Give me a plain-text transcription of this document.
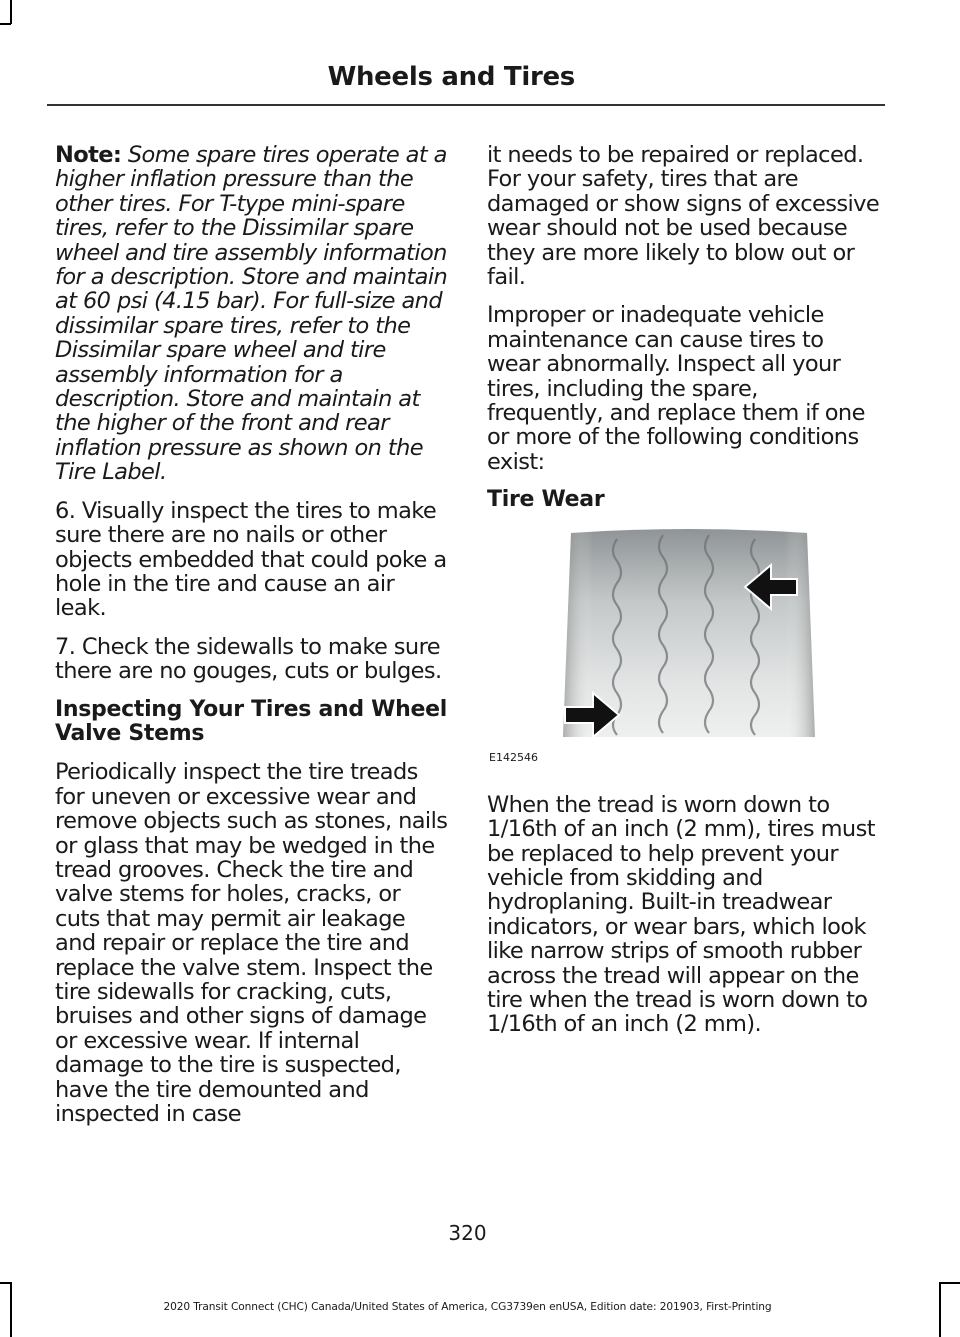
Wheels and Tires

Note: Some spare tires operate at a higher inflation pressure than the other tires. For T-type mini-spare tires, refer to the Dissimilar spare wheel and tire assembly information for a description. Store and maintain at 60 psi (4.15 bar). For full-size and dissimilar spare tires, refer to the Dissimilar spare wheel and tire assembly information for a description. Store and maintain at the higher of the front and rear inflation pressure as shown on the Tire Label.

6. Visually inspect the tires to make sure there are no nails or other objects embedded that could poke a hole in the tire and cause an air leak.

7. Check the sidewalls to make sure there are no gouges, cuts or bulges.

Inspecting Your Tires and Wheel Valve Stems

Periodically inspect the tire treads for uneven or excessive wear and remove objects such as stones, nails or glass that may be wedged in the tread grooves. Check the tire and valve stems for holes, cracks, or cuts that may permit air leakage and repair or replace the tire and replace the valve stem. Inspect the tire sidewalls for cracking, cuts, bruises and other signs of damage or excessive wear. If internal damage to the tire is suspected, have the tire demounted and inspected in case

it needs to be repaired or replaced. For your safety, tires that are damaged or show signs of excessive wear should not be used because they are more likely to blow out or fail.

Improper or inadequate vehicle maintenance can cause tires to wear abnormally. Inspect all your tires, including the spare, frequently, and replace them if one or more of the following conditions exist:

Tire Wear
E142546

When the tread is worn down to 1/16th of an inch (2 mm), tires must be replaced to help prevent your vehicle from skidding and hydroplaning. Built-in treadwear indicators, or wear bars, which look like narrow strips of smooth rubber across the tread will appear on the tire when the tread is worn down to 1/16th of an inch (2 mm).

320
2020 Transit Connect (CHC) Canada/United States of America, CG3739en enUSA, Edition date: 201903, First-Printing
